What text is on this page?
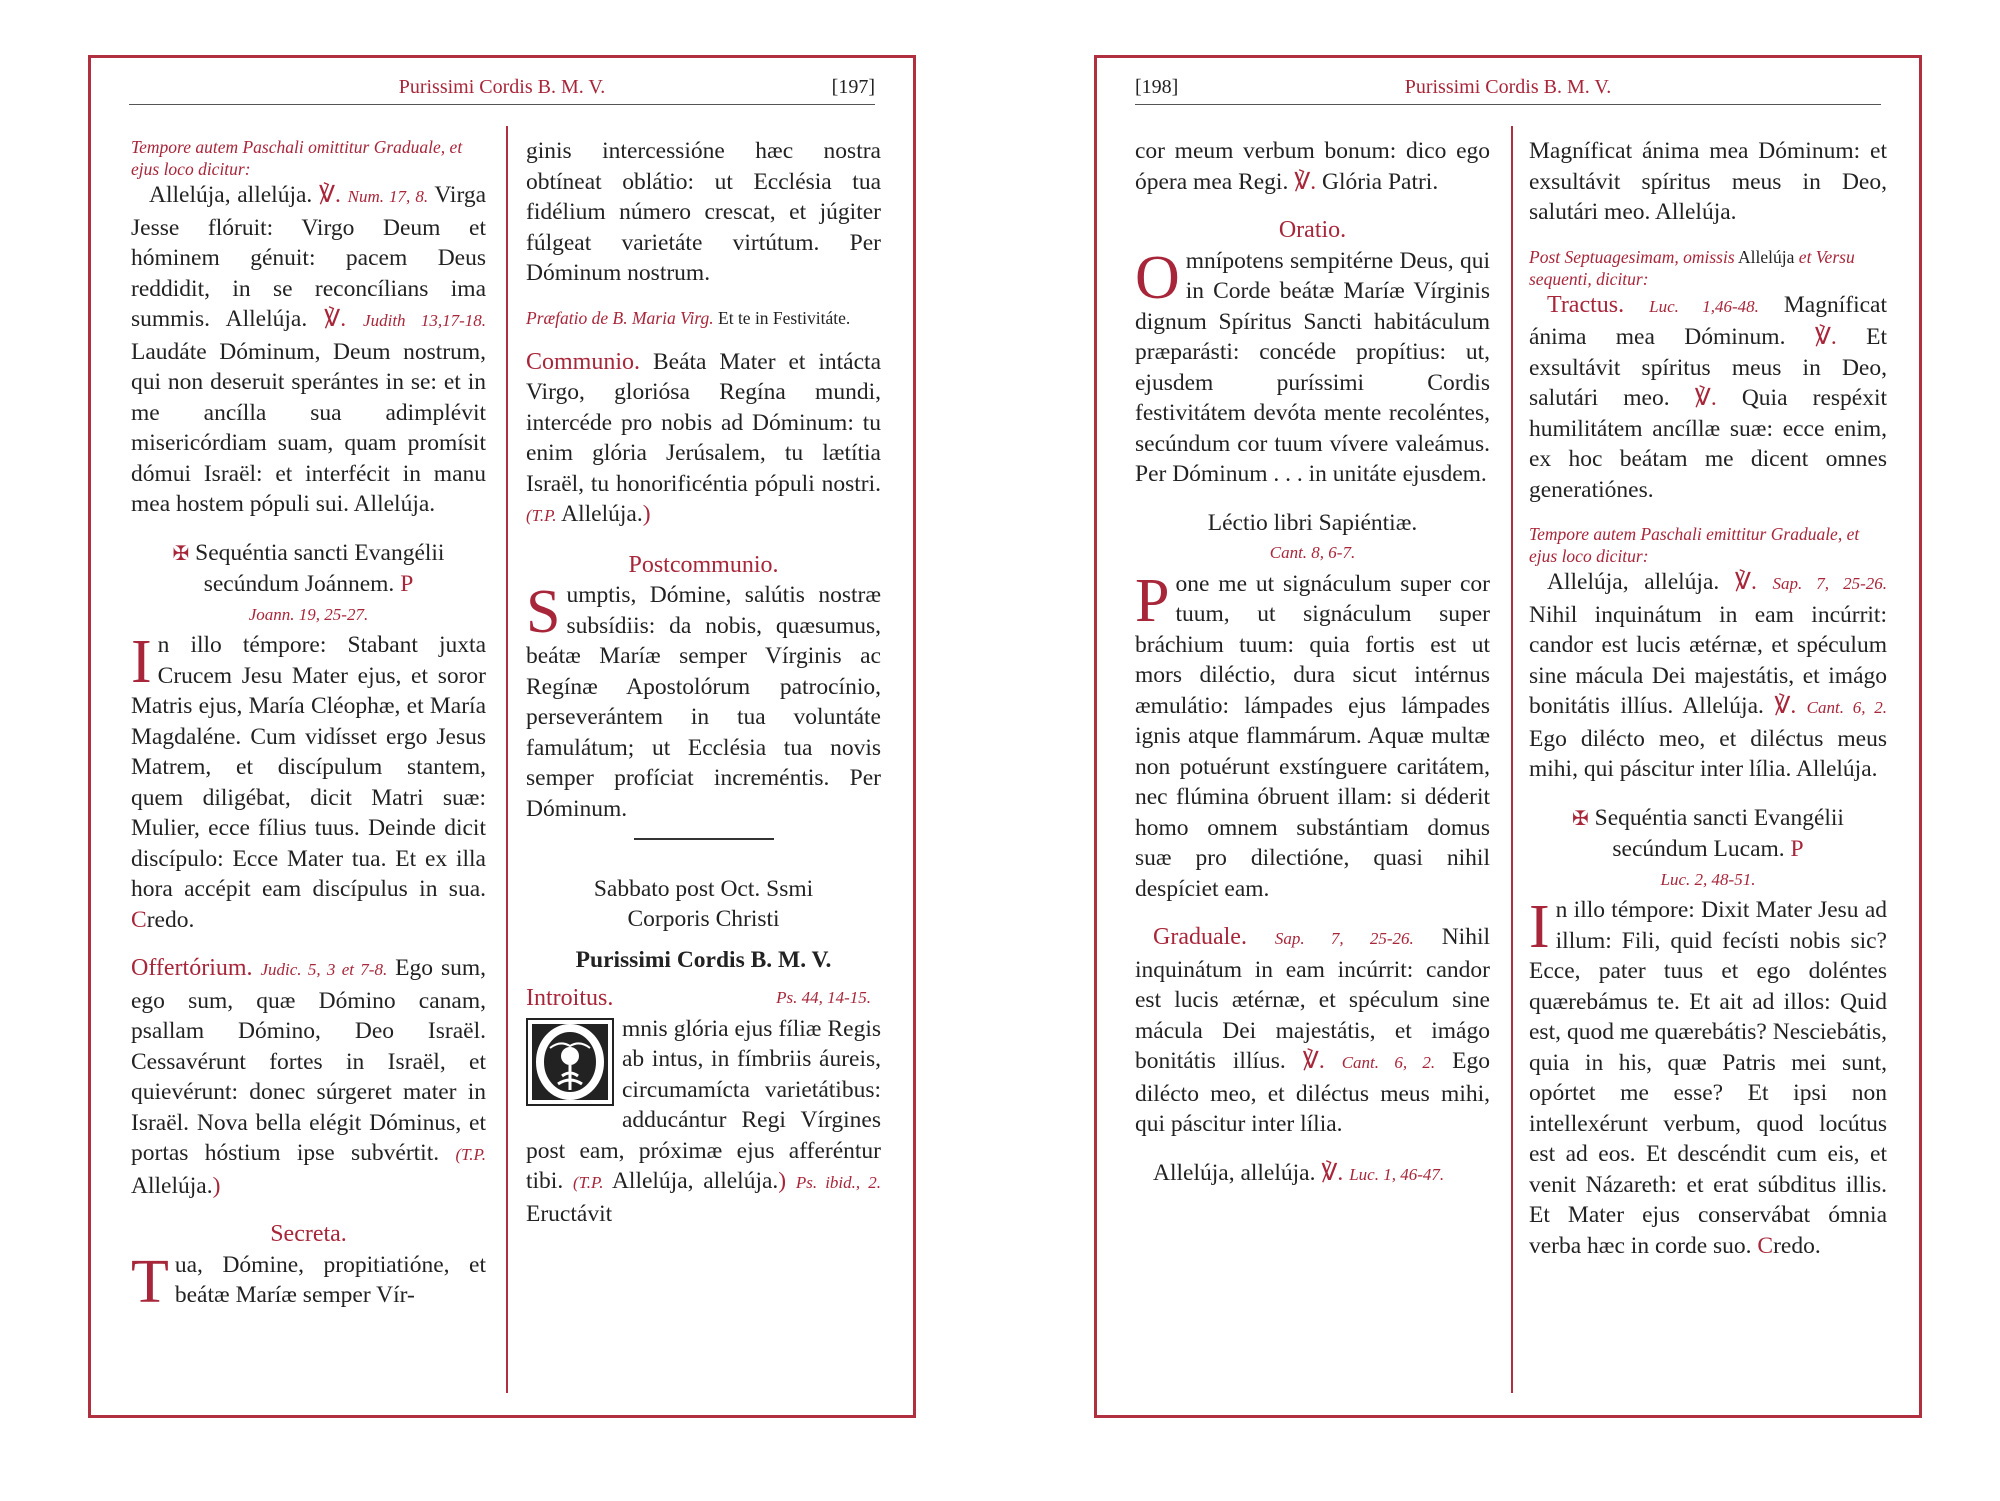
Purissimi Cordis B. M. V.	[197]

Tempore autem Paschali omittitur Graduale, et ejus loco dicitur:

Allelúja, allelúja. ℣. Num. 17, 8. Virga Jesse flóruit: Virgo Deum et hóminem génuit: pacem Deus reddidit, in se reconcílians ima summis. Allelúja. ℣. Judith 13,17-18. Laudáte Dóminum, Deum nostrum, qui non deseruit sperántes in se: et in me ancílla sua adimplévit misericórdiam suam, quam promísit dómui Israël: et interfécit in manu mea hostem pópuli sui. Allelúja.

✠ Sequéntia sancti Evangélii secúndum Joánnem. P

Joann. 19, 25-27.

In illo témpore: Stabant juxta Crucem Jesu Mater ejus, et soror Matris ejus, María Cléophæ, et María Magdaléne. Cum vidísset ergo Jesus Matrem, et discípulum stantem, quem diligébat, dicit Matri suæ: Mulier, ecce fílius tuus. Deinde dicit discípulo: Ecce Mater tua. Et ex illa hora accépit eam discípulus in sua. Credo.

Offertórium. Judic. 5, 3 et 7-8. Ego sum, ego sum, quæ Dómino canam, psallam Dómino, Deo Israël. Cessavérunt fortes in Israël, et quievérunt: donec súrgeret mater in Israël. Nova bella elégit Dóminus, et portas hóstium ipse subvértit. (T.P. Allelúja.)

Secreta.

Tua, Dómine, propitiatióne, et beátæ Maríæ semper Vír-

ginis intercessióne hæc nostra obtíneat oblátio: ut Ecclésia tua fidélium número crescat, et júgiter fúlgeat varietáte virtútum. Per Dóminum nostrum.

Præfatio de B. Maria Virg. Et te in Festivitáte.

Communio. Beáta Mater et intácta Virgo, gloriósa Regína mundi, intercéde pro nobis ad Dóminum: tu enim glória Jerúsalem, tu lætítia Israël, tu honorificéntia pópuli nostri. (T.P. Allelúja.)

Postcommunio.

Sumptis, Dómine, salútis nostræ subsídiis: da nobis, quæsumus, beátæ Maríæ semper Vírginis ac Regínæ Apostolórum patrocínio, perseverántem in tua voluntáte famulátum; ut Ecclésia tua novis semper profíciat increméntis. Per Dóminum.

Sabbato post Oct. Ssmi

Corporis Christi

Purissimi Cordis B. M. V.

Introitus.	Ps. 44, 14-15.

mnis glória ejus fíliæ Regis ab intus, in fímbriis áureis, circumamícta varietátibus: adducántur Regi Vírgines post eam, próximæ ejus afferéntur tibi. (T.P. Allelúja, allelúja.) Ps. ibid., 2. Eructávit

[198]	Purissimi Cordis B. M. V.

cor meum verbum bonum: dico ego ópera mea Regi. ℣. Glória Patri.

Oratio.

Omnípotens sempitérne Deus, qui in Corde beátæ Maríæ Vírginis dignum Spíritus Sancti habitáculum præparásti: concéde propítius: ut, ejusdem puríssimi Cordis festivitátem devóta mente recoléntes, secúndum cor tuum vívere valeámus. Per Dóminum . . . in unitáte ejusdem.

Léctio libri Sapiéntiæ.

Cant. 8, 6-7.

Pone me ut signáculum super cor tuum, ut signáculum super bráchium tuum: quia fortis est ut mors diléctio, dura sicut intérnus æmulátio: lámpades ejus lámpades ignis atque flammárum. Aquæ multæ non potuérunt exstínguere caritátem, nec flúmina óbruent illam: si déderit homo omnem substántiam domus suæ pro dilectióne, quasi nihil despíciet eam.

Graduale. Sap. 7, 25-26. Nihil inquinátum in eam incúrrit: candor est lucis ætérnæ, et spéculum sine mácula Dei majestátis, et imágo bonitátis illíus. ℣. Cant. 6, 2. Ego diléсto meo, et diléctus meus mihi, qui páscitur inter lília.

Allelúja, allelúja. ℣. Luc. 1, 46-47.

Magníficat ánima mea Dóminum: et exsultávit spíritus meus in Deo, salutári meo. Allelúja.

Post Septuagesimam, omissis Allelúja et Versu sequenti, dicitur:

Tractus. Luc. 1,46-48. Magníficat ánima mea Dóminum. ℣. Et exsultávit spíritus meus in Deo, salutári meo. ℣. Quia respéxit humilitátem ancíllæ suæ: ecce enim, ex hoc beátam me dicent omnes generatiónes.

Tempore autem Paschali emittitur Graduale, et ejus loco dicitur:

Allelúja, allelúja. ℣. Sap. 7, 25-26. Nihil inquinátum in eam incúrrit: candor est lucis ætérnæ, et spéculum sine mácula Dei majestátis, et imágo bonitátis illíus. Allelúja. ℣. Cant. 6, 2. Ego dilécto meo, et diléctus meus mihi, qui páscitur inter lília. Allelúja.

✠ Sequéntia sancti Evangélii secúndum Lucam. P

Luc. 2, 48-51.

In illo témpore: Dixit Mater Jesu ad illum: Fili, quid fecísti nobis sic? Ecce, pater tuus et ego doléntes quærebámus te. Et ait ad illos: Quid est, quod me quærebátis? Nesciebátis, quia in his, quæ Patris mei sunt, opórtet me esse? Et ipsi non intellexérunt verbum, quod locútus est ad eos. Et descéndit cum eis, et venit Názareth: et erat súbditus illis. Et Mater ejus conservábat ómnia verba hæc in corde suo. Credo.
